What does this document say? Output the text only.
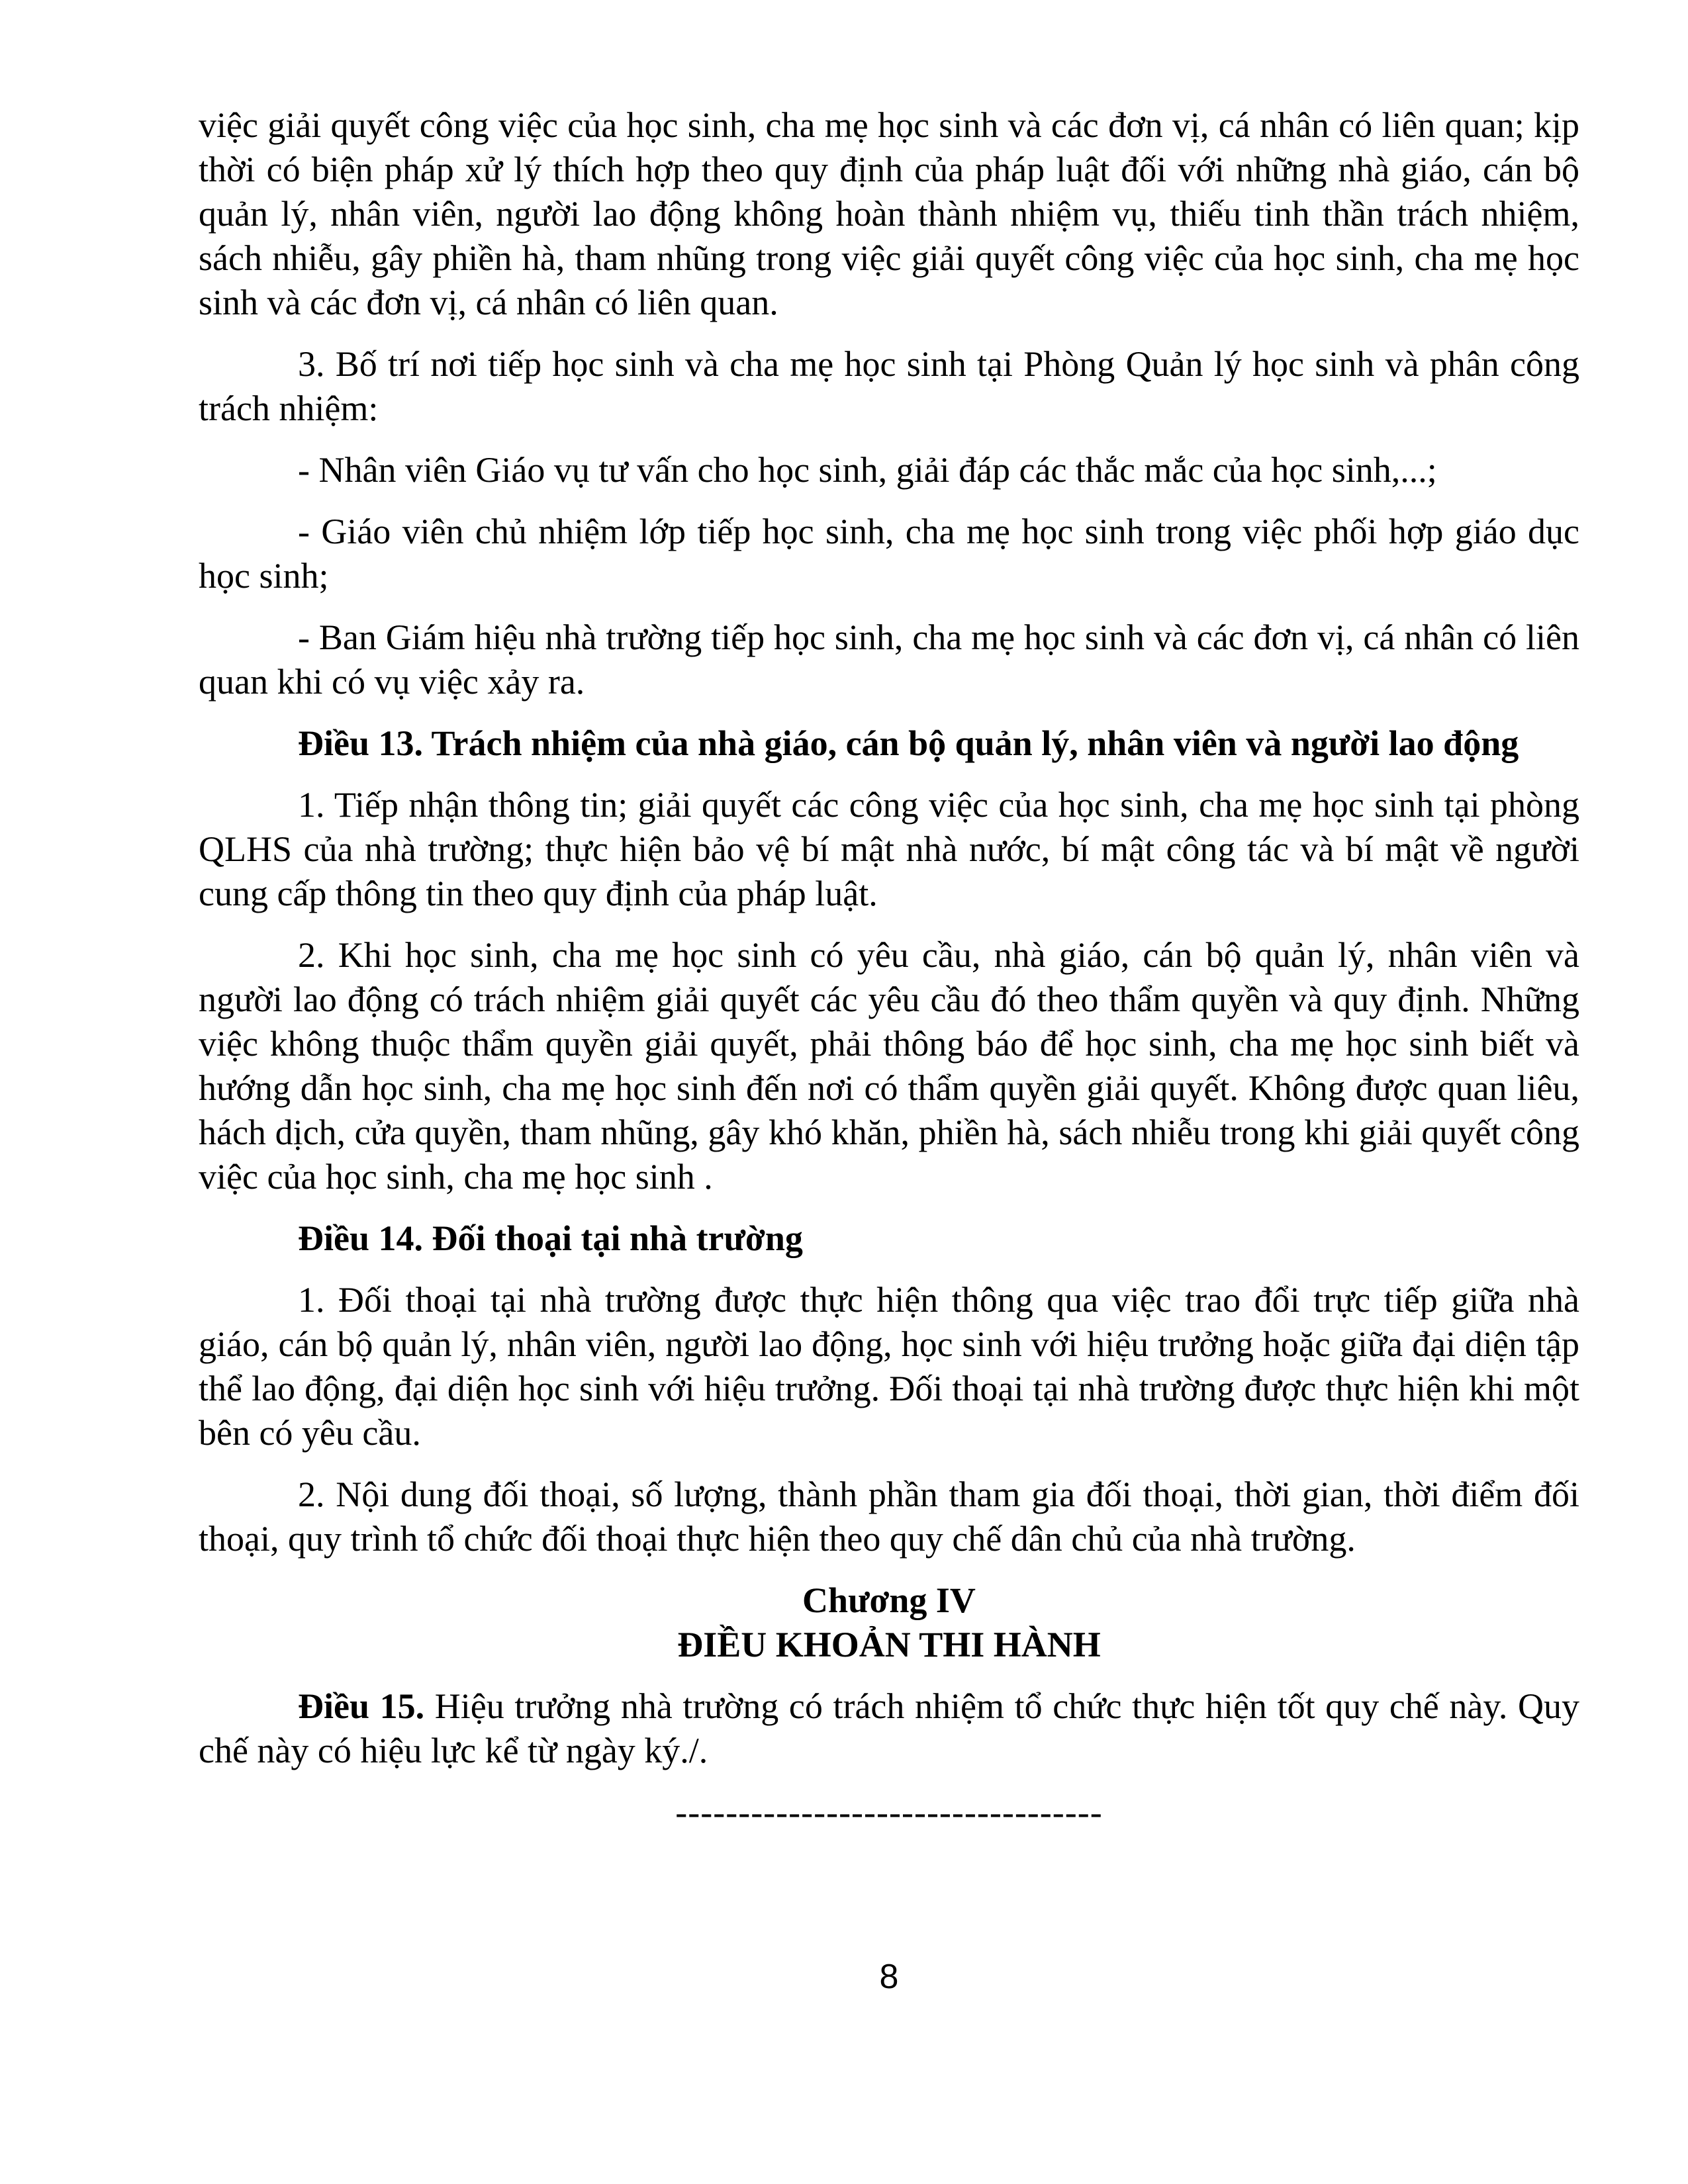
việc giải quyết công việc của học sinh, cha mẹ học sinh và các đơn vị, cá nhân có liên quan; kịp thời có biện pháp xử lý thích hợp theo quy định của pháp luật đối với những nhà giáo, cán bộ quản lý, nhân viên, người lao động không hoàn thành nhiệm vụ, thiếu tinh thần trách nhiệm, sách nhiễu, gây phiền hà, tham nhũng trong việc giải quyết công việc của học sinh, cha mẹ học sinh và các đơn vị, cá nhân có liên quan.

3. Bố trí nơi tiếp học sinh và cha mẹ học sinh tại Phòng Quản lý học sinh và phân công trách nhiệm:

- Nhân viên Giáo vụ tư vấn cho học sinh, giải đáp các thắc mắc của học sinh,...;

- Giáo viên chủ nhiệm lớp tiếp học sinh, cha mẹ học sinh trong việc phối hợp giáo dục học sinh;

- Ban Giám hiệu nhà trường tiếp học sinh, cha mẹ học sinh và các đơn vị, cá nhân có liên quan khi có vụ việc xảy ra.

Điều 13. Trách nhiệm của nhà giáo, cán bộ quản lý, nhân viên và người lao động

1. Tiếp nhận thông tin; giải quyết các công việc của học sinh, cha mẹ học sinh tại phòng QLHS của nhà trường; thực hiện bảo vệ bí mật nhà nước, bí mật công tác và bí mật về người cung cấp thông tin theo quy định của pháp luật.

2. Khi học sinh, cha mẹ học sinh có yêu cầu, nhà giáo, cán bộ quản lý, nhân viên và người lao động có trách nhiệm giải quyết các yêu cầu đó theo thẩm quyền và quy định. Những việc không thuộc thẩm quyền giải quyết, phải thông báo để học sinh, cha mẹ học sinh biết và hướng dẫn học sinh, cha mẹ học sinh đến nơi có thẩm quyền giải quyết. Không được quan liêu, hách dịch, cửa quyền, tham nhũng, gây khó khăn, phiền hà, sách nhiễu trong khi giải quyết công việc của học sinh, cha mẹ học sinh .

Điều 14. Đối thoại tại nhà trường

1. Đối thoại tại nhà trường được thực hiện thông qua việc trao đổi trực tiếp giữa nhà giáo, cán bộ quản lý, nhân viên, người lao động, học sinh với hiệu trưởng hoặc giữa đại diện tập thể lao động, đại diện học sinh với hiệu trưởng. Đối thoại tại nhà trường được thực hiện khi một bên có yêu cầu.

2. Nội dung đối thoại, số lượng, thành phần tham gia đối thoại, thời gian, thời điểm đối thoại, quy trình tổ chức đối thoại thực hiện theo quy chế dân chủ của nhà trường.

Chương IV
ĐIỀU KHOẢN THI HÀNH

Điều 15. Hiệu trưởng nhà trường có trách nhiệm tổ chức thực hiện tốt quy chế này. Quy chế này có hiệu lực kể từ ngày ký./.

----------------------------------
8
